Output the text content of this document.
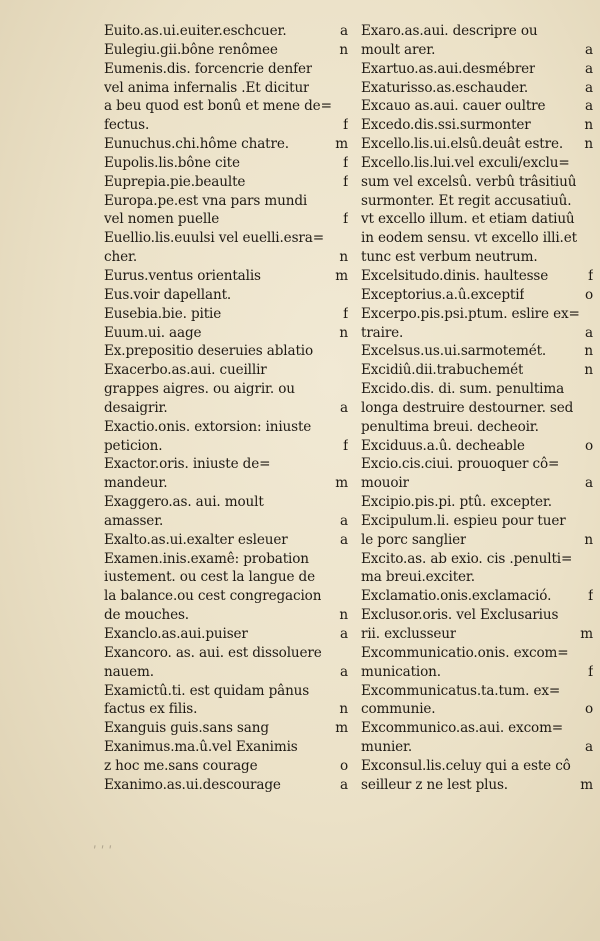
Euito.as.ui.euiter.eschcuer.	a
Eulegiu.gii.bône renômee	n
Eumenis.dis. forcencrie denfer
vel anima infernalis .Et dicitur
a beu quod est bonû et mene de=
fectus.	f
Eunuchus.chi.hôme chatre.	m
Eupolis.lis.bône cite	f
Euprepia.pie.beaulte	f
Europa.pe.est vna pars mundi
vel nomen puelle	f
Euellio.lis.euulsi vel euelli.esra=
cher.	n
Eurus.ventus orientalis	m
Eus.voir dapellant.
Eusebia.bie. pitie	f
Euum.ui. aage	n
Ex.prepositio deseruies ablatio
Exacerbo.as.aui. cueillir
grappes aigres. ou aigrir. ou
desaigrir.	a
Exactio.onis. extorsion: iniuste
peticion.	f
Exactor.oris. iniuste de=
mandeur.	m
Exaggero.as. aui. moult
amasser.	a
Exalto.as.ui.exalter esleuer	a
Examen.inis.examê: probation
iustement. ou cest la langue de
la balance.ou cest congregacion
de mouches.	n
Exanclo.as.aui.puiser	a
Exancoro. as. aui. est dissoluere
nauem.	a
Examictû.ti. est quidam pânus
factus ex filis.	n
Exanguis guis.sans sang	m
Exanimus.ma.û.vel Exanimis
z hoc me.sans courage	o
Exanimo.as.ui.descourage	a
Exaro.as.aui. descripre ou
moult arer.	a
Exartuo.as.aui.desmébrer	a
Exaturisso.as.eschauder.	a
Excauo as.aui. cauer oultre	a
Excedo.dis.ssi.surmonter	n
Excello.lis.ui.elsû.deuât estre. n
Excello.lis.lui.vel exculi/exclu=
sum vel excelsû. verbû trâsitiuû
surmonter. Et regit accusatiuû.
vt excello illum. et etiam datiuû
in eodem sensu. vt excello illi.et
tunc est verbum neutrum.
Excelsitudo.dinis. haultesse	f
Exceptorius.a.û.exceptif	o
Excerpo.pis.psi.ptum. eslire ex=
traire.	a
Excelsus.us.ui.sarmotemét.	n
Excidiû.dii.trabuchemét	n
Excido.dis. di. sum. penultima
longa destruire destourner. sed
penultima breui. decheoir.
Exciduus.a.û. decheable	o
Excio.cis.ciui. prouoquer cô=
mouoir	a
Excipio.pis.pi. ptû. excepter.
Excipulum.li. espieu pour tuer
le porc sanglier	n
Excito.as. ab exio. cis .penulti=
ma breui.exciter.
Exclamatio.onis.exclamació.	f
Exclusor.oris. vel Exclusarius
rii. exclusseur	m
Excommunicatio.onis. excom=
munication.	f
Excommunicatus.ta.tum. ex=
communie.	o
Excommunico.as.aui. excom=
munier.	a
Exconsul.lis.celuy qui a este cô
seilleur z ne lest plus.	m
ʹ ʹ ʹ
